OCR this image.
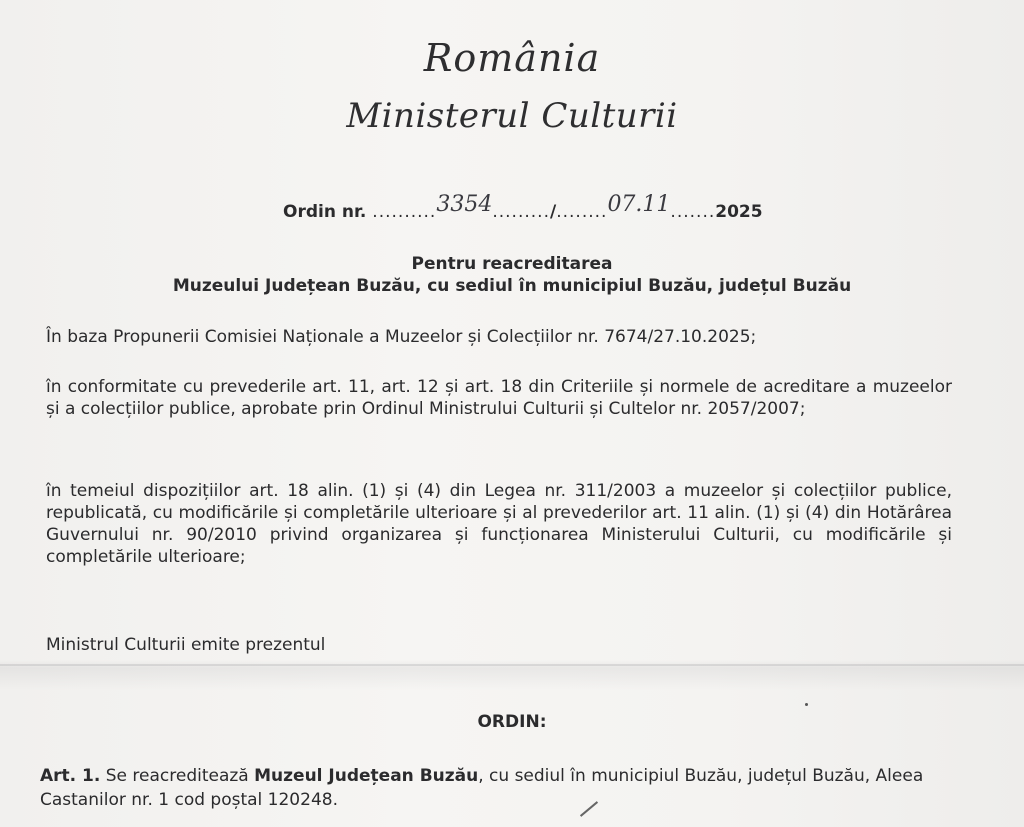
România
Ministerul Culturii
Ordin nr. ..........3354........./........07.11.......2025
Pentru reacreditarea
Muzeului Județean Buzău, cu sediul în municipiul Buzău, județul Buzău
În baza Propunerii Comisiei Naționale a Muzeelor și Colecțiilor nr. 7674/27.10.2025;
în conformitate cu prevederile art. 11, art. 12 și art. 18 din Criteriile și normele de acreditare a muzeelor și a colecțiilor publice, aprobate prin Ordinul Ministrului Culturii și Cultelor nr. 2057/2007;
în temeiul dispozițiilor art. 18 alin. (1) și (4) din Legea nr. 311/2003 a muzeelor și colecțiilor publice, republicată, cu modificările și completările ulterioare și al prevederilor art. 11 alin. (1) și (4) din Hotărârea Guvernului nr. 90/2010 privind organizarea și funcționarea Ministerului Culturii, cu modificările și completările ulterioare;
Ministrul Culturii emite prezentul
ORDIN:
Art. 1. Se reacreditează Muzeul Județean Buzău, cu sediul în municipiul Buzău, județul Buzău, Aleea Castanilor nr. 1 cod poștal 120248.
